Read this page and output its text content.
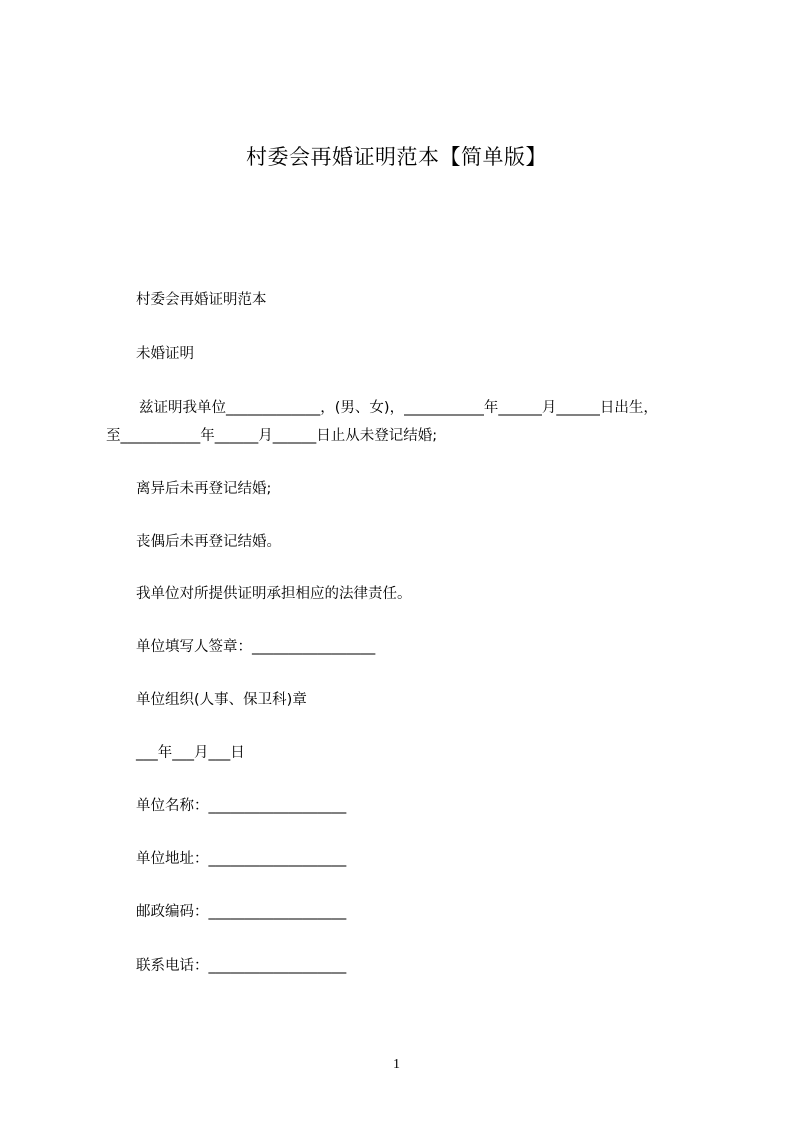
村委会再婚证明范本【简单版】
村委会再婚证明范本
未婚证明
兹证明我单位_____________，(男、女)，___________年______月______日出生，
至___________年______月______日止从未登记结婚;
离异后未再登记结婚;
丧偶后未再登记结婚。
我单位对所提供证明承担相应的法律责任。
单位填写人签章：_________________
单位组织(人事、保卫科)章
___年___月___日
单位名称：___________________
单位地址：___________________
邮政编码：___________________
联系电话：___________________
1
